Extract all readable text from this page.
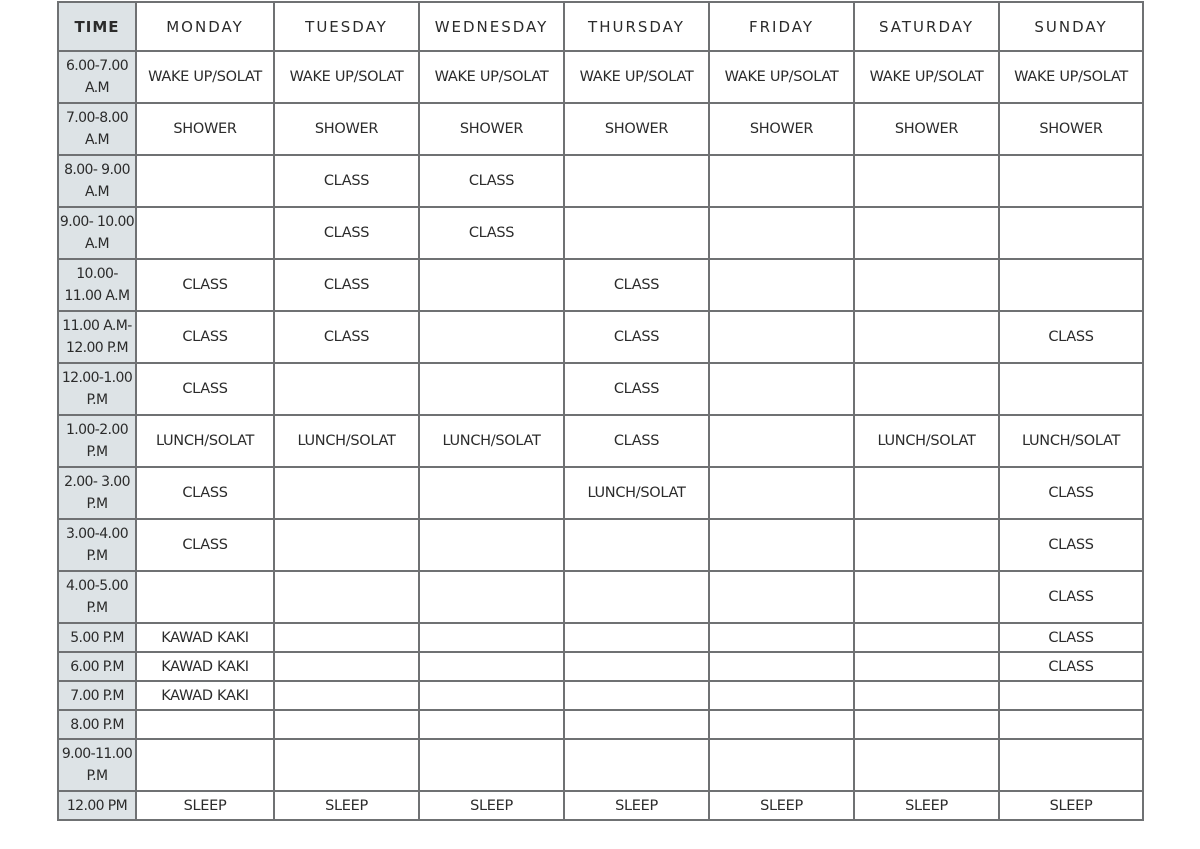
TIME	MONDAY	TUESDAY	WEDNESDAY	THURSDAY	FRIDAY	SATURDAY	SUNDAY
6.00-7.00 A.M	WAKE UP/SOLAT	WAKE UP/SOLAT	WAKE UP/SOLAT	WAKE UP/SOLAT	WAKE UP/SOLAT	WAKE UP/SOLAT	WAKE UP/SOLAT
7.00-8.00 A.M	SHOWER	SHOWER	SHOWER	SHOWER	SHOWER	SHOWER	SHOWER
8.00- 9.00 A.M		CLASS	CLASS				
9.00- 10.00 A.M		CLASS	CLASS				
10.00- 11.00 A.M	CLASS	CLASS		CLASS			
11.00 A.M- 12.00 P.M	CLASS	CLASS		CLASS			CLASS
12.00-1.00 P.M	CLASS			CLASS			
1.00-2.00 P.M	LUNCH/SOLAT	LUNCH/SOLAT	LUNCH/SOLAT	CLASS		LUNCH/SOLAT	LUNCH/SOLAT
2.00- 3.00 P.M	CLASS			LUNCH/SOLAT			CLASS
3.00-4.00 P.M	CLASS						CLASS
4.00-5.00 P.M							CLASS
5.00 P.M	KAWAD KAKI						CLASS
6.00 P.M	KAWAD KAKI						CLASS
7.00 P.M	KAWAD KAKI						
8.00 P.M							
9.00-11.00 P.M							
12.00 PM	SLEEP	SLEEP	SLEEP	SLEEP	SLEEP	SLEEP	SLEEP
